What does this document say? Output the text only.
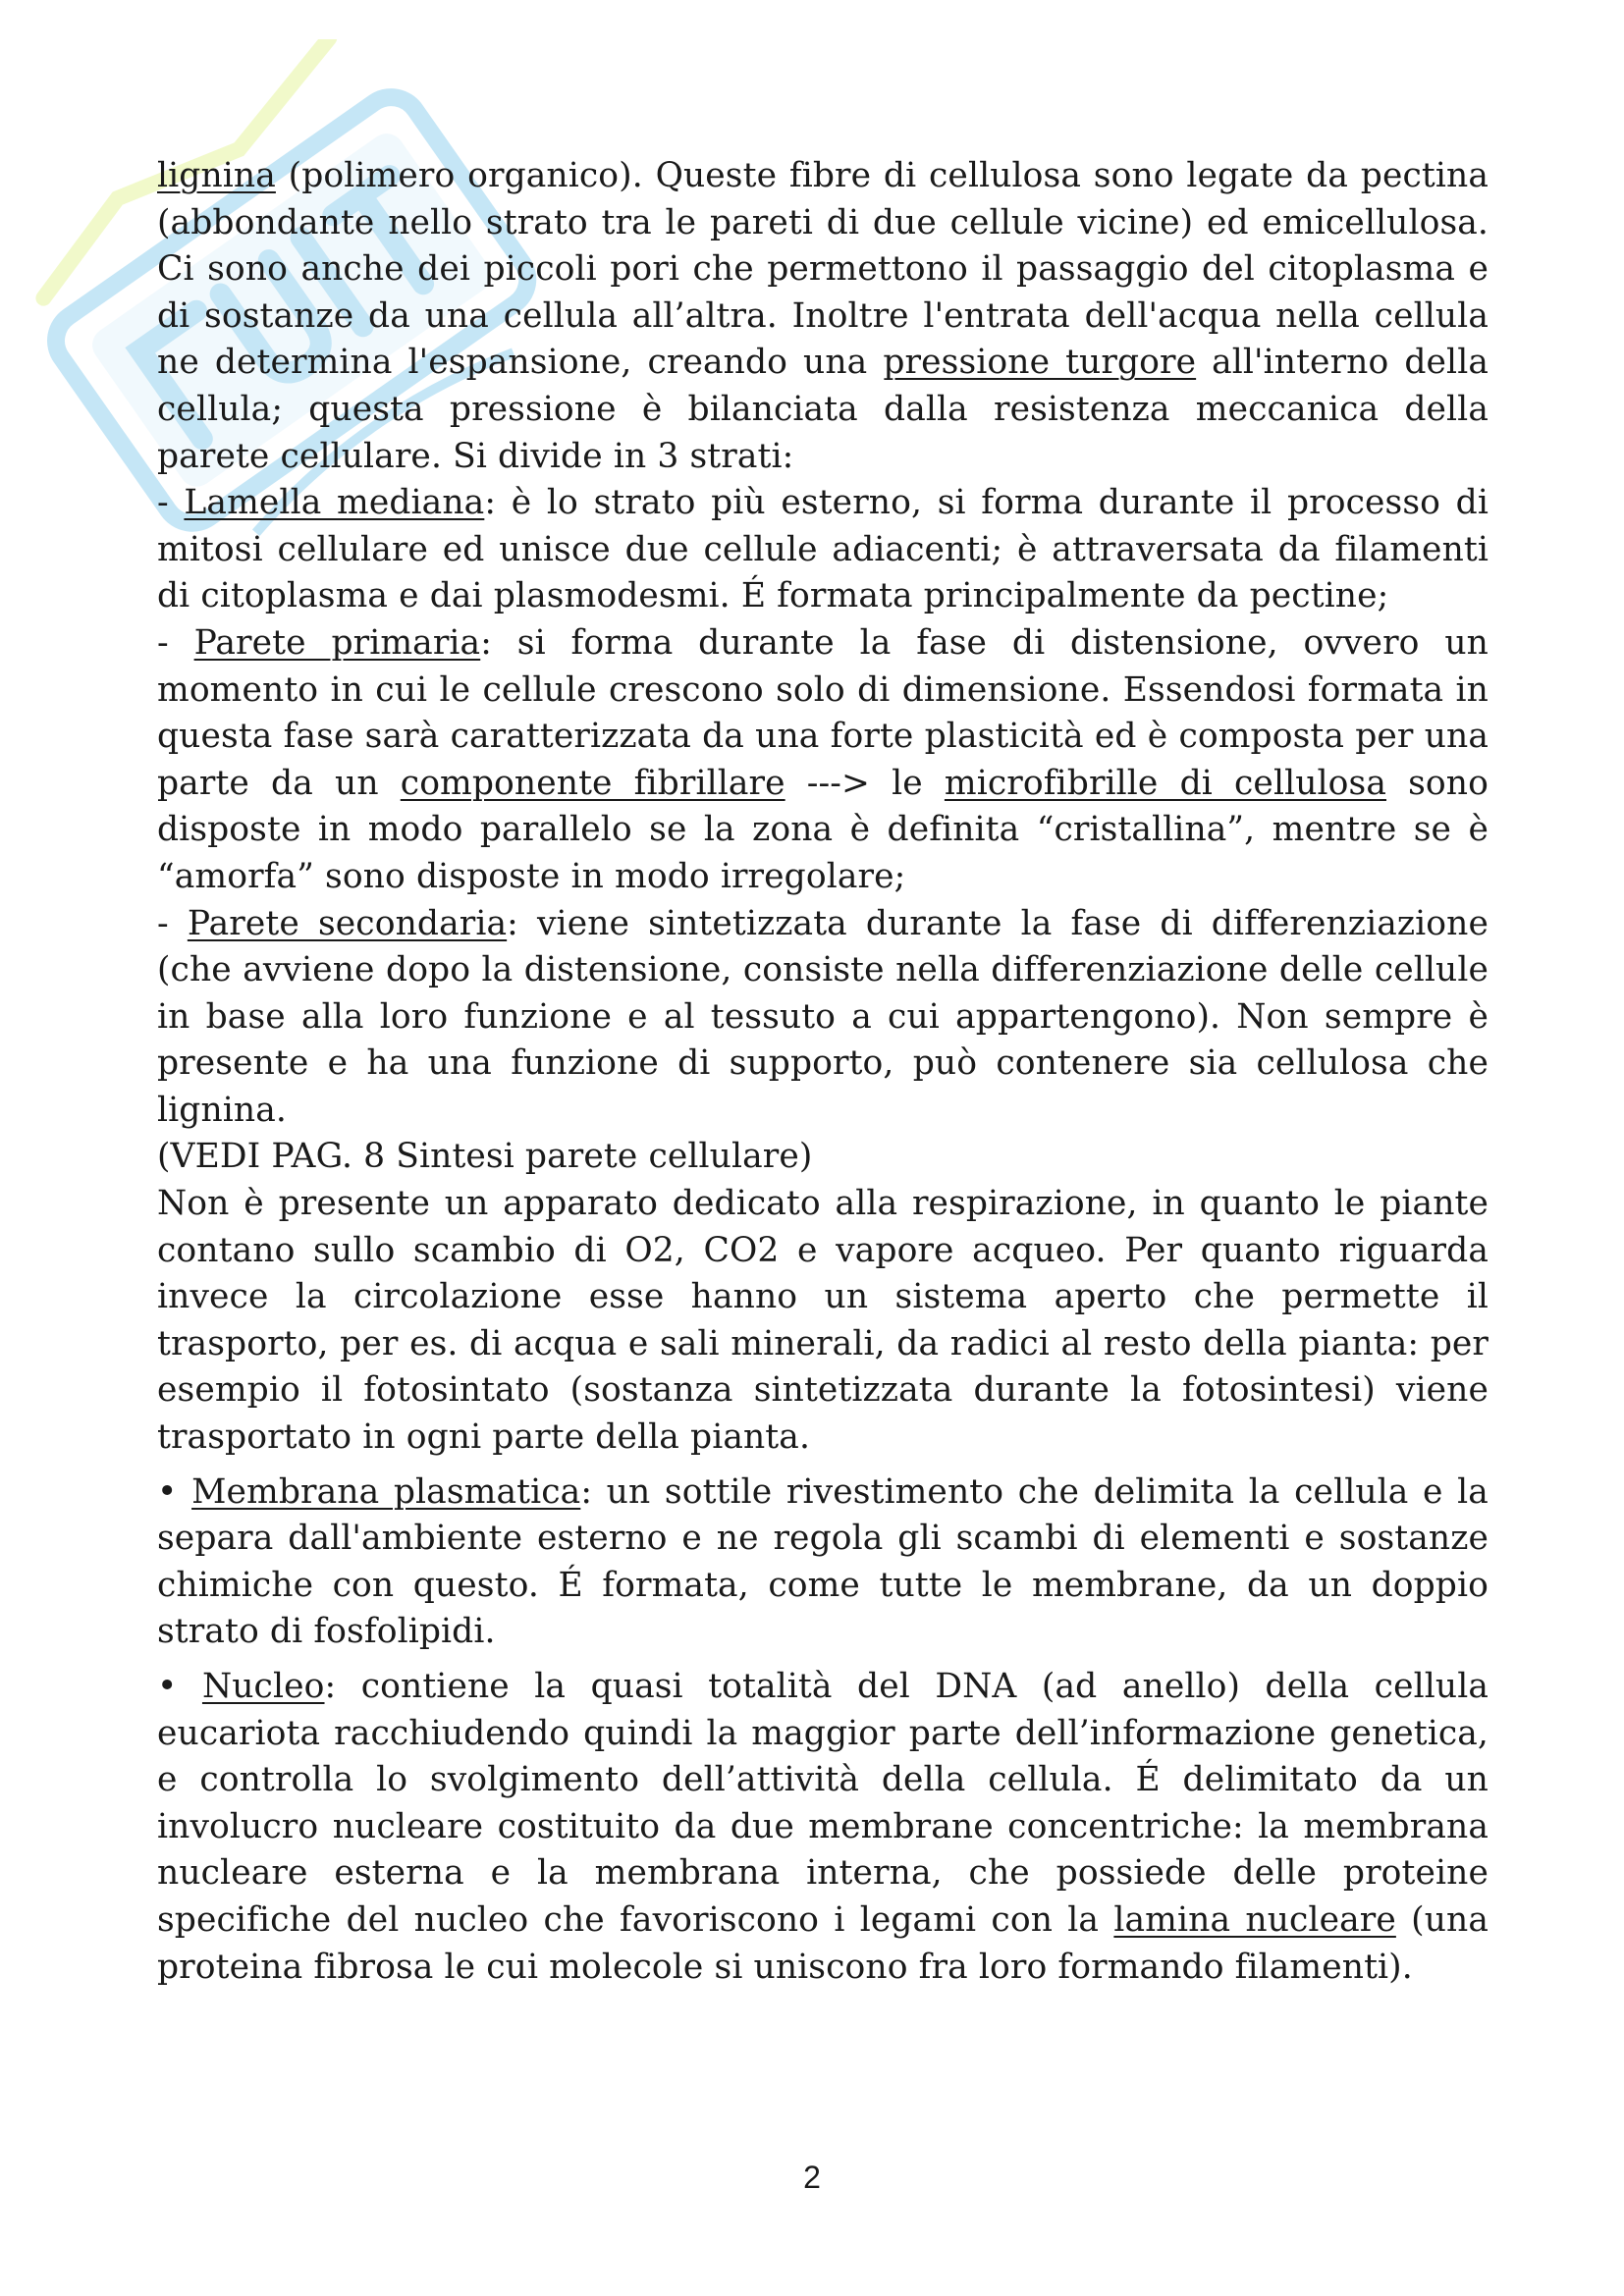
lignina (polimero organico). Queste fibre di cellulosa sono legate da pectina (abbondante nello strato tra le pareti di due cellule vicine) ed emicellulosa. Ci sono anche dei piccoli pori che permettono il passaggio del citoplasma e di sostanze da una cellula all’altra. Inoltre l'entrata dell'acqua nella cellula ne determina l'espansione, creando una pressione turgore all'interno della cellula; questa pressione è bilanciata dalla resistenza meccanica della parete cellulare. Si divide in 3 strati:

- Lamella mediana: è lo strato più esterno, si forma durante il processo di mitosi cellulare ed unisce due cellule adiacenti; è attraversata da filamenti di citoplasma e dai plasmodesmi. É formata principalmente da pectine;

- Parete primaria: si forma durante la fase di distensione, ovvero un momento in cui le cellule crescono solo di dimensione. Essendosi formata in questa fase sarà caratterizzata da una forte plasticità ed è composta per una parte da un componente fibrillare ---> le microfibrille di cellulosa sono disposte in modo parallelo se la zona è definita “cristallina”, mentre se è “amorfa” sono disposte in modo irregolare;

- Parete secondaria: viene sintetizzata durante la fase di differenziazione (che avviene dopo la distensione, consiste nella differenziazione delle cellule in base alla loro funzione e al tessuto a cui appartengono). Non sempre è presente e ha una funzione di supporto, può contenere sia cellulosa che lignina.

(VEDI PAG. 8 Sintesi parete cellulare)

Non è presente un apparato dedicato alla respirazione, in quanto le piante contano sullo scambio di O2, CO2 e vapore acqueo. Per quanto riguarda invece la circolazione esse hanno un sistema aperto che permette il trasporto, per es. di acqua e sali minerali, da radici al resto della pianta: per esempio il fotosintato (sostanza sintetizzata durante la fotosintesi) viene trasportato in ogni parte della pianta.

• Membrana plasmatica: un sottile rivestimento che delimita la cellula e la separa dall'ambiente esterno e ne regola gli scambi di elementi e sostanze chimiche con questo. É formata, come tutte le membrane, da un doppio strato di fosfolipidi.

• Nucleo: contiene la quasi totalità del DNA (ad anello) della cellula eucariota racchiudendo quindi la maggior parte dell’informazione genetica, e controlla lo svolgimento dell’attività della cellula. É delimitato da un involucro nucleare costituito da due membrane concentriche: la membrana nucleare esterna e la membrana interna, che possiede delle proteine specifiche del nucleo che favoriscono i legami con la lamina nucleare (una proteina fibrosa le cui molecole si uniscono fra loro formando filamenti).

2
